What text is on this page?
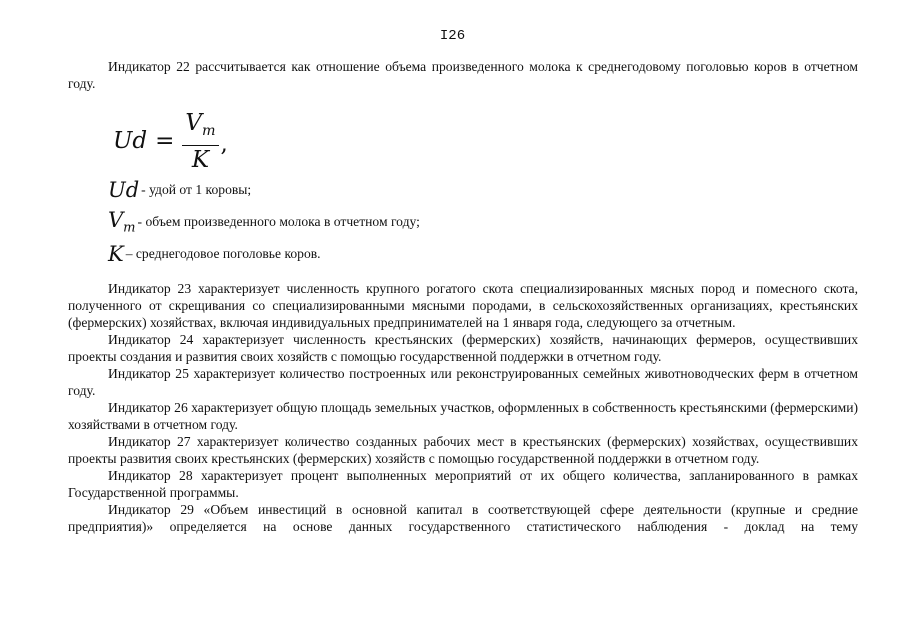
I26

Индикатор 22 рассчитывается как отношение объема произведенного молока к среднегодовому поголовью коров в отчетном году.

$Ud = \frac{V_m}{K}$ ,
Ud - удой от 1 коровы;
$V_m$ - объем произведенного молока в отчетном году;
K – среднегодовое поголовье коров.

Индикатор 23 характеризует численность крупного рогатого скота специализированных мясных пород и помесного скота, полученного от скрещивания со специализированными мясными породами, в сельскохозяйственных организациях, крестьянских (фермерских) хозяйствах, включая индивидуальных предпринимателей на 1 января года, следующего за отчетным.

Индикатор 24 характеризует численность крестьянских (фермерских) хозяйств, начинающих фермеров, осуществивших проекты создания и развития своих хозяйств с помощью государственной поддержки в отчетном году.

Индикатор 25 характеризует количество построенных или реконструированных семейных животноводческих ферм в отчетном году.

Индикатор 26 характеризует общую площадь земельных участков, оформленных в собственность крестьянскими (фермерскими) хозяйствами в отчетном году.

Индикатор 27 характеризует количество созданных рабочих мест в крестьянских (фермерских) хозяйствах, осуществивших проекты развития своих крестьянских (фермерских) хозяйств с помощью государственной поддержки в отчетном году.

Индикатор 28 характеризует процент выполненных мероприятий от их общего количества, запланированного в рамках Государственной программы.

Индикатор 29 «Объем инвестиций в основной капитал в соответствующей сфере деятельности (крупные и средние предприятия)» определяется на основе данных государственного статистического наблюдения - доклад на тему
